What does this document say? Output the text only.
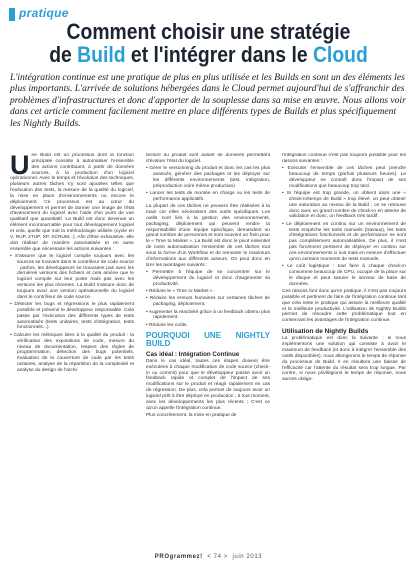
pratique
Comment choisir une stratégie
de Build et l'intégrer dans le Cloud
L'intégration continue est une pratique de plus en plus utilisée et les Builds en sont un des éléments les plus importants. L'arrivée de solutions hébergées dans le Cloud permet aujourd'hui de s'affranchir des problèmes d'infrastructures et donc d'apporter de la souplesse dans sa mise en œuvre. Nous allons voir dans cet article comment facilement mettre en place différents types de Builds et plus spécifiquement les Nightly Builds.

Une Build est un processus dont la fonction principale consiste à automatiser l'ensemble des actions contribuant, à partir de données sources, à la production d'un logiciel opérationnel. Avec le temps et l'évolution des techniques, plusieurs autres tâches s'y sont ajoutées telles que l'exécution des tests, la mesure de la qualité du logiciel, la mise en place d'environnements ou encore le déploiement. Ce processus est au cœur du développement et permet de donner une image de l'état d'avancement du logiciel avec l'aide d'un point de vue qualitatif que quantitatif. La Build est donc devenue un élément incontournable pour tout développement logiciel et cela, quelle que soit la méthodologie utilisée (cycle en V, RUP, 2TUP, XP, SCRUM...). Afin d'être exhaustive, elle doit réaliser de manière automatisée et en autre ensemble que nécessaire les actions suivantes :

• S'assurer que le logiciel compile toujours avec les sources se trouvant dans le contrôleur de code source : parfois, les développeurs se trouvaient pas avec les dernières versions des fichiers et cela amène que le logiciel compile sur leur poste mais pas avec les versions les plus récentes. La Build s'assure donc de toujours avoir une version opérationnelle du logiciel dans le contrôleur de code source.

• Détecter les bugs et régressions le plus rapidement possible et prévenir le développeur responsable. Cela passe par l'exécution des différents types de tests automatisés (tests unitaires, tests d'intégration, tests fonctionnels...).

• Calculer les métriques liées à la qualité du produit : la vérification des expositions de code, mesure du niveau de documentation, respect des règles de programmation, détection des bugs potentiels, évaluation de la couverture de code par les tests unitaires, analyse de la répartition de la complexité et analyse du design de l'archi-

tecture du produit sont autant de données permettant d'évaluer l'état du logiciel.

• Gérer le versionning du produit et donc les cas les plus avancés, générer des packages et les déployer sur les différents environnements (test, intégration, préproduction voire même production).

• Lancer les tests de montée en charge ou les tests de performance applicatifs.

La plupart de ces tâches ne peuvent être réalisées à la main car elles nécessitent des outils spécifiques. Les outils sont liés à la gestion des environnements, packaging, déploiement qui peuvent rendre la responsabilité d'une équipe spécifique, demandent un grand nombre de personnes et sont souvent un frein pour le « Time to Market ». La Build est donc le pivot essentiel de notre automatisation l'ensemble de ces tâches tout sous la forme d'un Workflow et de remonter le maximum d'informations aux différents acteurs. On peut donc en tirer les avantages suivants :

• Permettre à l'équipe de se concentrer sur le développement du logiciel et donc d'augmenter sa productivité.

• Réduire le « Time to Market ».

• Réduire les erreurs humaines sur certaines tâches de packaging, déploiement.

• Augmenter la réactivité grâce à un feedback obtenu plus rapidement.

• Réduire les coûts.

POURQUOI UNE NIGHTLY BUILD
Cas idéal : Intégration Continue

Dans le cas idéal, toutes ces étapes doivent être exécutées à chaque modification de code source (check-in ou commit) pour que le développeur puisse avoir un feedback rapide et complet de l'impact de ses modifications sur le produit et réagir rapidement en cas de régression. De plus, cela permet de toujours avoir un logiciel prêt à être déployé en production ; à tout moment, avec les développements les plus récents ; C'est ce qu'on appelle l'intégration continue.

Plus concrètement, la mise en pratique de

l'intégration continue n'est pas toujours possible pour les raisons suivantes :

• Exécuter l'ensemble de ces tâches peut prendre beaucoup de temps (parfois plusieurs heures). Le développeur ne connaît donc l'impact de ses modifications que beaucoup trop tard.

• Si l'équipe est trop grande, on obtient alors une « check-in/temps de Build » trop élevé, on peut obtenir une saturation au niveau de la Build ; on se retrouve donc avec un grand nombre de check-in en attente de validation et donc, un feedback très tardif.

• Le déploiement en continu sur un environnement de tests empêche les tests manuels (travaux), les tests d'intégrations fonctionnels et de performance ne sont pas complètement automatisables. De plus, il n'est pas forcément pertinent de déployer en continu sur ces environnements ci soit mais en mesure d'effectuer qu'en certains moments de tests manuels.

• Le coût logistique : tout faire à chaque check-in consomme beaucoup de CPU, occupe de la place sur le disque et peut saturer le serveur de base de données.

Ces raisons font donc qu'en pratique, il n'est pas toujours possible et pertinent de faire de l'intégration continue tant que cela reste le pratique qui assure la meilleure qualité et la meilleure productivité. L'utilisation de Nightly Builds permet de résoudre cette problématique tout en conservant les avantages de l'intégration continue.

Utilisation de Nightly Builds

La problématique est donc la suivante : si nous implémentons une solution qui consiste à avoir le maximum de feedback (et donc à intégrer l'ensemble des outils disponibles), nous allongerons le temps de réponse du processus de Build. Il en résultera une baisse de l'efficacité car l'attente du résultat sera trop longue. Par contre, si nous privilégions le temps de réponse, nous aurons obliga-

PROgrammez! < 74 > juin 2013
